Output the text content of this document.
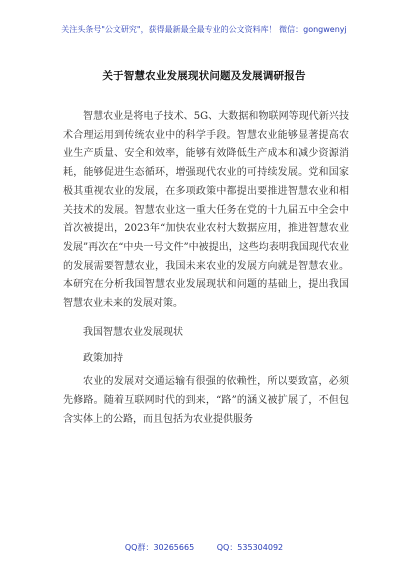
关注头条号"公文研究"，获得最新最全最专业的公文资料库！ 微信：gongwenyj
关于智慧农业发展现状问题及发展调研报告

智慧农业是将电子技术、5G、大数据和物联网等现代新兴技术合理运用到传统农业中的科学手段。智慧农业能够显著提高农业生产质量、安全和效率，能够有效降低生产成本和减少资源消耗，能够促进生态循环，增强现代农业的可持续发展。党和国家极其重视农业的发展，在多项政策中都提出要推进智慧农业和相关技术的发展。智慧农业这一重大任务在党的十九届五中全会中首次被提出，2023年“加快农业农村大数据应用，推进智慧农业发展”再次在“中央一号文件”中被提出，这些均表明我国现代农业的发展需要智慧农业，我国未来农业的发展方向就是智慧农业。本研究在分析我国智慧农业发展现状和问题的基础上，提出我国智慧农业未来的发展对策。

我国智慧农业发展现状

政策加持

农业的发展对交通运输有很强的依赖性，所以要致富，必须先修路。随着互联网时代的到来，“路”的涵义被扩展了，不但包含实体上的公路，而且包括为农业提供服务

QQ群：30265665	QQ：535304092
